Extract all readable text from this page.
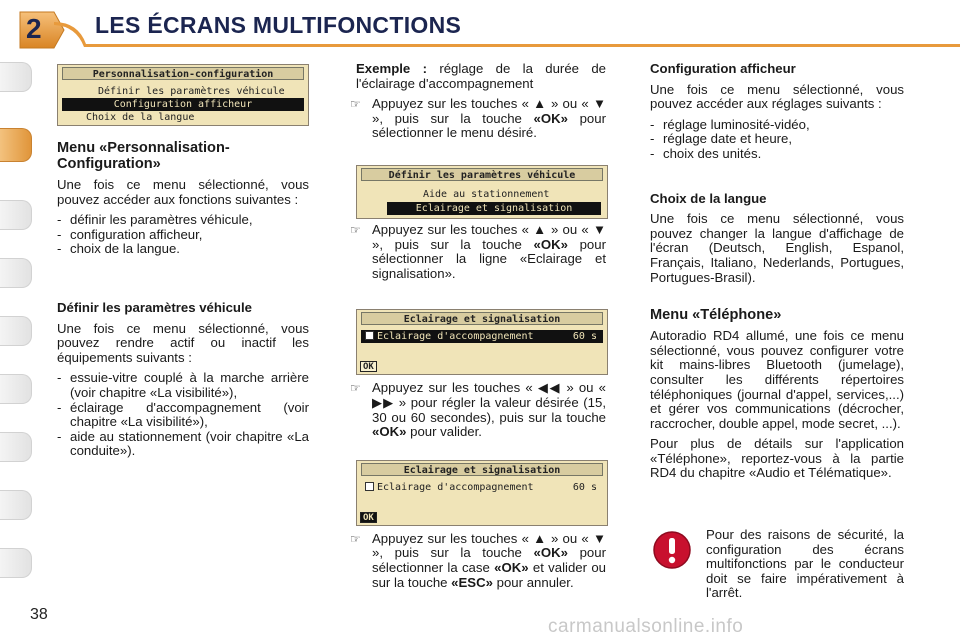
2 LES ÉCRANS MULTIFONCTIONS
Personnalisation-configuration
Définir les paramètres véhicule
Configuration afficheur
Choix de la langue
Menu «Personnalisation-Configuration»

Une fois ce menu sélectionné, vous pouvez accéder aux fonctions suivantes :

- définir les paramètres véhicule,
- configuration afficheur,
- choix de la langue.
Définir les paramètres véhicule

Une fois ce menu sélectionné, vous pouvez rendre actif ou inactif les équipements suivants :

- essuie-vitre couplé à la marche arrière (voir chapitre «La visibilité»),
- éclairage d'accompagnement (voir chapitre «La visibilité»),
- aide au stationnement (voir chapitre «La conduite»).

Exemple : réglage de la durée de l'éclairage d'accompagnement

☞ Appuyez sur les touches « ▲ » ou « ▼ », puis sur la touche «OK» pour sélectionner le menu désiré.

Définir les paramètres véhicule
Aide au stationnement
Eclairage et signalisation

☞ Appuyez sur les touches « ▲ » ou « ▼ », puis sur la touche «OK» pour sélectionner la ligne «Eclairage et signalisation».

Eclairage et signalisation
Eclairage d'accompagnement	60 s
OK

☞ Appuyez sur les touches « ◀◀ » ou « ▶▶ » pour régler la valeur désirée (15, 30 ou 60 secondes), puis sur la touche «OK» pour valider.

Eclairage et signalisation
Eclairage d'accompagnement	60 s
OK

☞ Appuyez sur les touches « ▲ » ou « ▼ », puis sur la touche «OK» pour sélectionner la case «OK» et valider ou sur la touche «ESC» pour annuler.

Configuration afficheur

Une fois ce menu sélectionné, vous pouvez accéder aux réglages suivants :

- réglage luminosité-vidéo,
- réglage date et heure,
- choix des unités.
Choix de la langue

Une fois ce menu sélectionné, vous pouvez changer la langue d'affichage de l'écran (Deutsch, English, Espanol, Français, Italiano, Nederlands, Portugues, Portugues-Brasil).

Menu «Téléphone»

Autoradio RD4 allumé, une fois ce menu sélectionné, vous pouvez configurer votre kit mains-libres Bluetooth (jumelage), consulter les différents répertoires téléphoniques (journal d'appel, services,...) et gérer vos communications (décrocher, raccrocher, double appel, mode secret, ...).

Pour plus de détails sur l'application «Téléphone», reportez-vous à la partie RD4 du chapitre «Audio et Télématique».

Pour des raisons de sécurité, la configuration des écrans multifonctions par le conducteur doit se faire impérativement à l'arrêt.

38
carmanualsonline.info
